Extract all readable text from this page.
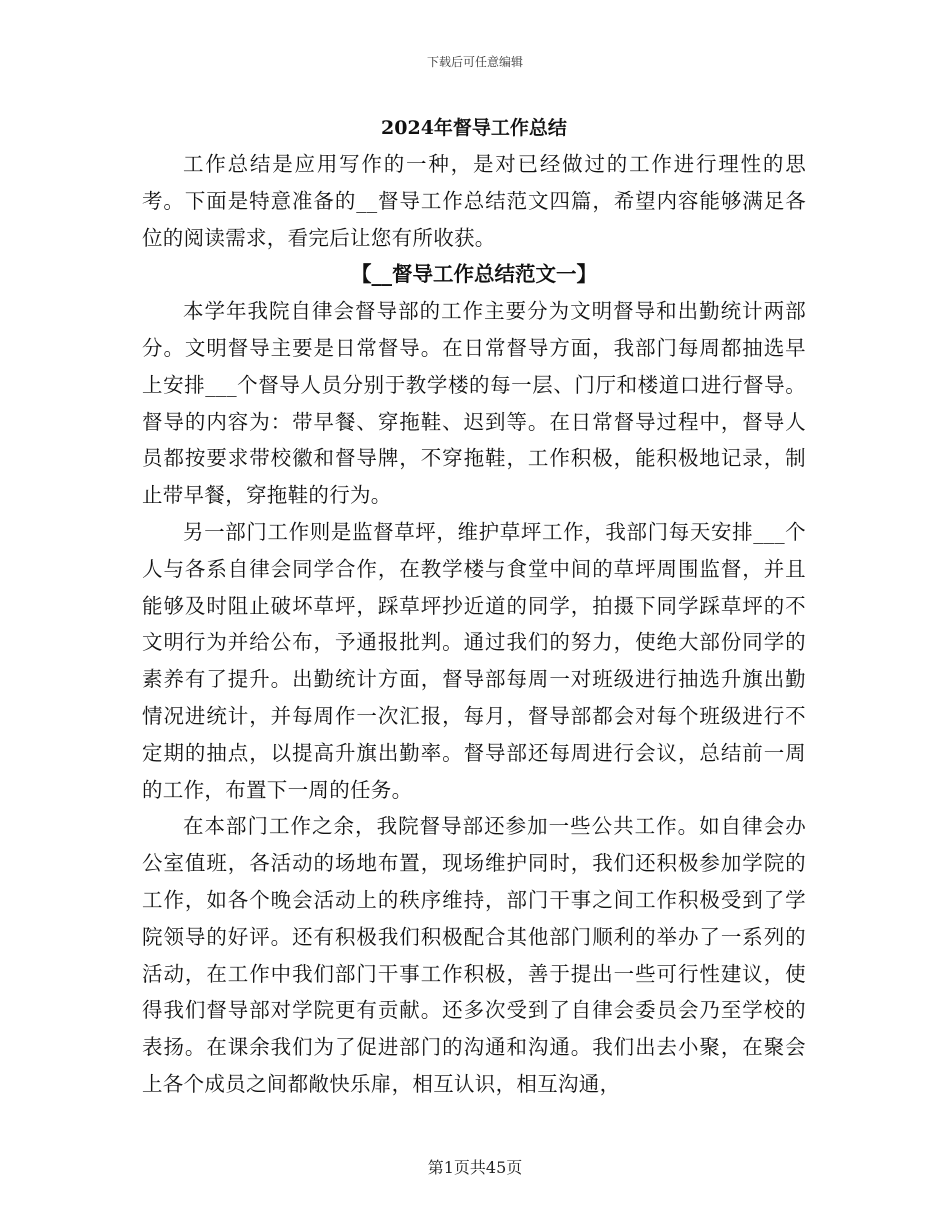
下载后可任意编辑

2024年督导工作总结

工作总结是应用写作的一种，是对已经做过的工作进行理性的思考。下面是特意准备的__督导工作总结范文四篇，希望内容能够满足各位的阅读需求，看完后让您有所收获。

【__督导工作总结范文一】

本学年我院自律会督导部的工作主要分为文明督导和出勤统计两部分。文明督导主要是日常督导。在日常督导方面，我部门每周都抽选早上安排___个督导人员分别于教学楼的每一层、门厅和楼道口进行督导。督导的内容为：带早餐、穿拖鞋、迟到等。在日常督导过程中，督导人员都按要求带校徽和督导牌，不穿拖鞋，工作积极，能积极地记录，制止带早餐，穿拖鞋的行为。

另一部门工作则是监督草坪，维护草坪工作，我部门每天安排___个人与各系自律会同学合作，在教学楼与食堂中间的草坪周围监督，并且能够及时阻止破坏草坪，踩草坪抄近道的同学，拍摄下同学踩草坪的不文明行为并给公布，予通报批判。通过我们的努力，使绝大部份同学的素养有了提升。出勤统计方面，督导部每周一对班级进行抽选升旗出勤情况进统计，并每周作一次汇报，每月，督导部都会对每个班级进行不定期的抽点，以提高升旗出勤率。督导部还每周进行会议，总结前一周的工作，布置下一周的任务。

在本部门工作之余，我院督导部还参加一些公共工作。如自律会办公室值班，各活动的场地布置，现场维护同时，我们还积极参加学院的工作，如各个晚会活动上的秩序维持，部门干事之间工作积极受到了学院领导的好评。还有积极我们积极配合其他部门顺利的举办了一系列的活动，在工作中我们部门干事工作积极，善于提出一些可行性建议，使得我们督导部对学院更有贡献。还多次受到了自律会委员会乃至学校的表扬。在课余我们为了促进部门的沟通和沟通。我们出去小聚，在聚会上各个成员之间都敞快乐扉，相互认识，相互沟通，

第1页共45页
